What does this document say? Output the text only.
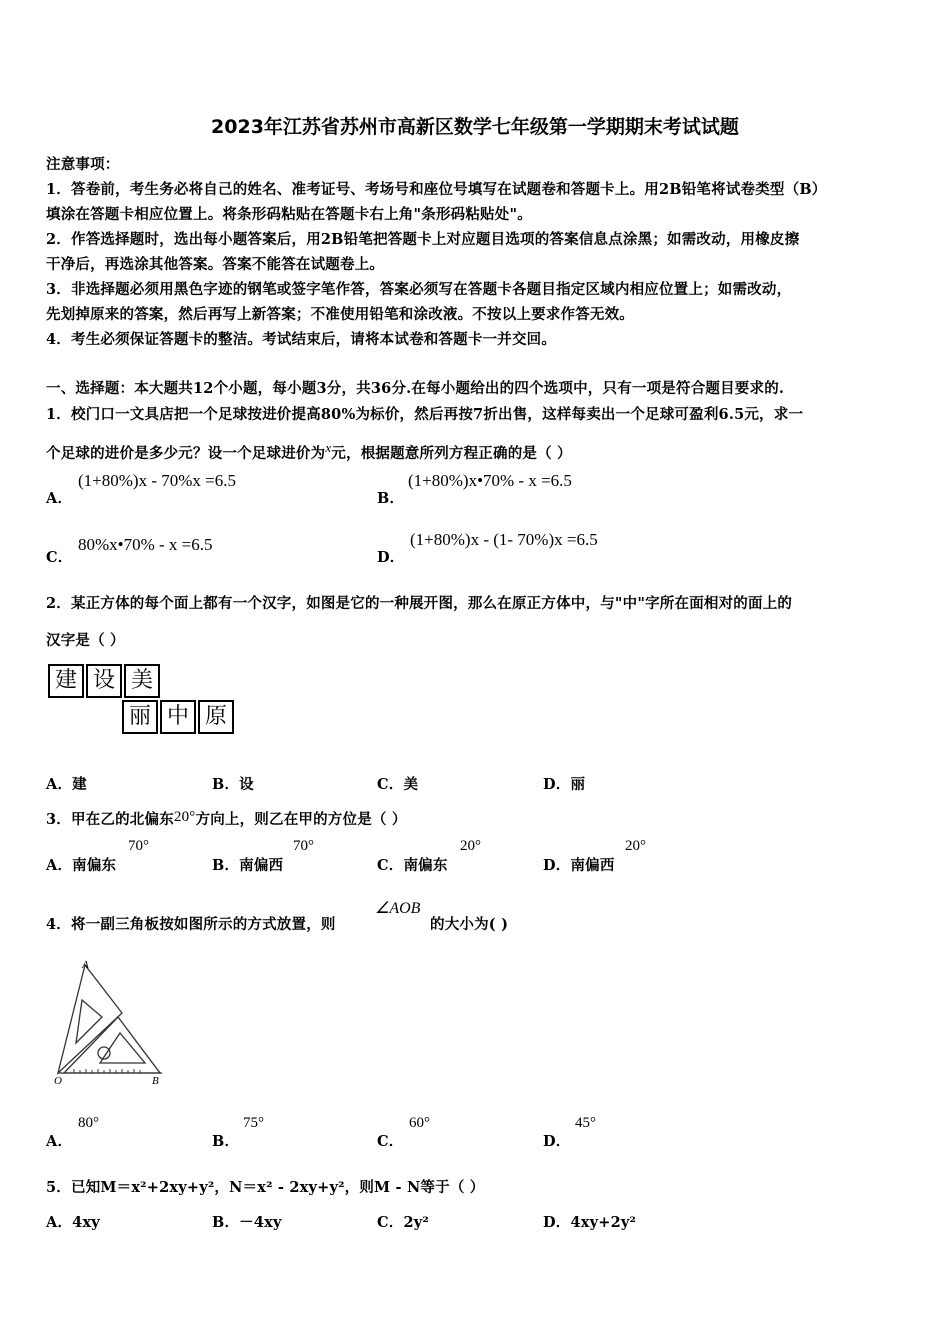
2023年江苏省苏州市高新区数学七年级第一学期期末考试试题
注意事项：
1．答卷前，考生务必将自己的姓名、准考证号、考场号和座位号填写在试题卷和答题卡上。用2B铅笔将试卷类型（B）
填涂在答题卡相应位置上。将条形码粘贴在答题卡右上角"条形码粘贴处"。
2．作答选择题时，选出每小题答案后，用2B铅笔把答题卡上对应题目选项的答案信息点涂黑；如需改动，用橡皮擦
干净后，再选涂其他答案。答案不能答在试题卷上。
3．非选择题必须用黑色字迹的钢笔或签字笔作答，答案必须写在答题卡各题目指定区域内相应位置上；如需改动，
先划掉原来的答案，然后再写上新答案；不准使用铅笔和涂改液。不按以上要求作答无效。
4．考生必须保证答题卡的整洁。考试结束后，请将本试卷和答题卡一并交回。
一、选择题：本大题共12个小题，每小题3分，共36分.在每小题给出的四个选项中，只有一项是符合题目要求的.
1．校门口一文具店把一个足球按进价提高80%为标价，然后再按7折出售，这样每卖出一个足球可盈利6.5元，求一
个足球的进价是多少元？设一个足球进价为x元，根据题意所列方程正确的是（ ）
A．
(1+80%)x - 70%x =6.5
B．
(1+80%)x•70% - x =6.5
C．
80%x•70% - x =6.5
D．
(1+80%)x - (1- 70%)x =6.5
2．某正方体的每个面上都有一个汉字，如图是它的一种展开图，那么在原正方体中，与"中"字所在面相对的面上的
汉字是（ ）
建 设 美
丽 中 原
A．建	B．设	C．美	D．丽
3．甲在乙的北偏东20°方向上，则乙在甲的方位是（ ）
A．南偏东
70°
B．南偏西
70°
C．南偏东
20°
D．南偏西
20°
4．将一副三角板按如图所示的方式放置，则
∠AOB
的大小为( )
A
O	B
A．
80°
B．
75°
C．
60°
D．
45°
5．已知M＝x²+2xy+y²，N＝x² - 2xy+y²，则M - N等于（ ）
A．4xy	B．－4xy	C．2y²	D．4xy+2y²
